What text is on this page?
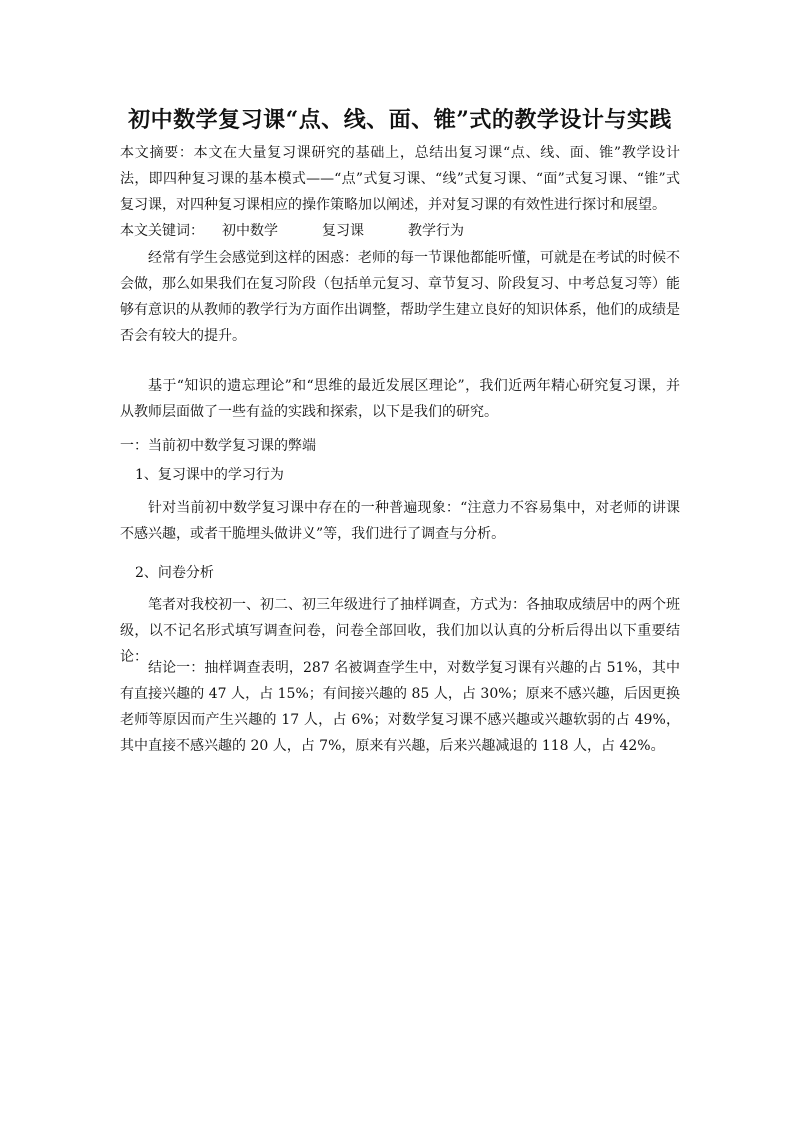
初中数学复习课“点、线、面、锥”式的教学设计与实践
本文摘要：本文在大量复习课研究的基础上，总结出复习课“点、线、面、锥”教学设计法，即四种复习课的基本模式——“点”式复习课、“线”式复习课、“面”式复习课、“锥”式复习课，对四种复习课相应的操作策略加以阐述，并对复习课的有效性进行探讨和展望。
本文关键词： 初中数学	复习课	教学行为
经常有学生会感觉到这样的困惑：老师的每一节课他都能听懂，可就是在考试的时候不会做，那么如果我们在复习阶段（包括单元复习、章节复习、阶段复习、中考总复习等）能够有意识的从教师的教学行为方面作出调整，帮助学生建立良好的知识体系，他们的成绩是否会有较大的提升。
基于“知识的遗忘理论”和“思维的最近发展区理论”，我们近两年精心研究复习课，并从教师层面做了一些有益的实践和探索，以下是我们的研究。
一：当前初中数学复习课的弊端
1、复习课中的学习行为
针对当前初中数学复习课中存在的一种普遍现象：“注意力不容易集中，对老师的讲课不感兴趣，或者干脆埋头做讲义”等，我们进行了调查与分析。
2、问卷分析
笔者对我校初一、初二、初三年级进行了抽样调查，方式为：各抽取成绩居中的两个班级，以不记名形式填写调查问卷，问卷全部回收，我们加以认真的分析后得出以下重要结论：
结论一：抽样调查表明，287 名被调查学生中，对数学复习课有兴趣的占 51%，其中有直接兴趣的 47 人，占 15%；有间接兴趣的 85 人，占 30%；原来不感兴趣，后因更换老师等原因而产生兴趣的 17 人，占 6%；对数学复习课不感兴趣或兴趣软弱的占 49%，其中直接不感兴趣的 20 人，占 7%，原来有兴趣，后来兴趣减退的 118 人，占 42%。
